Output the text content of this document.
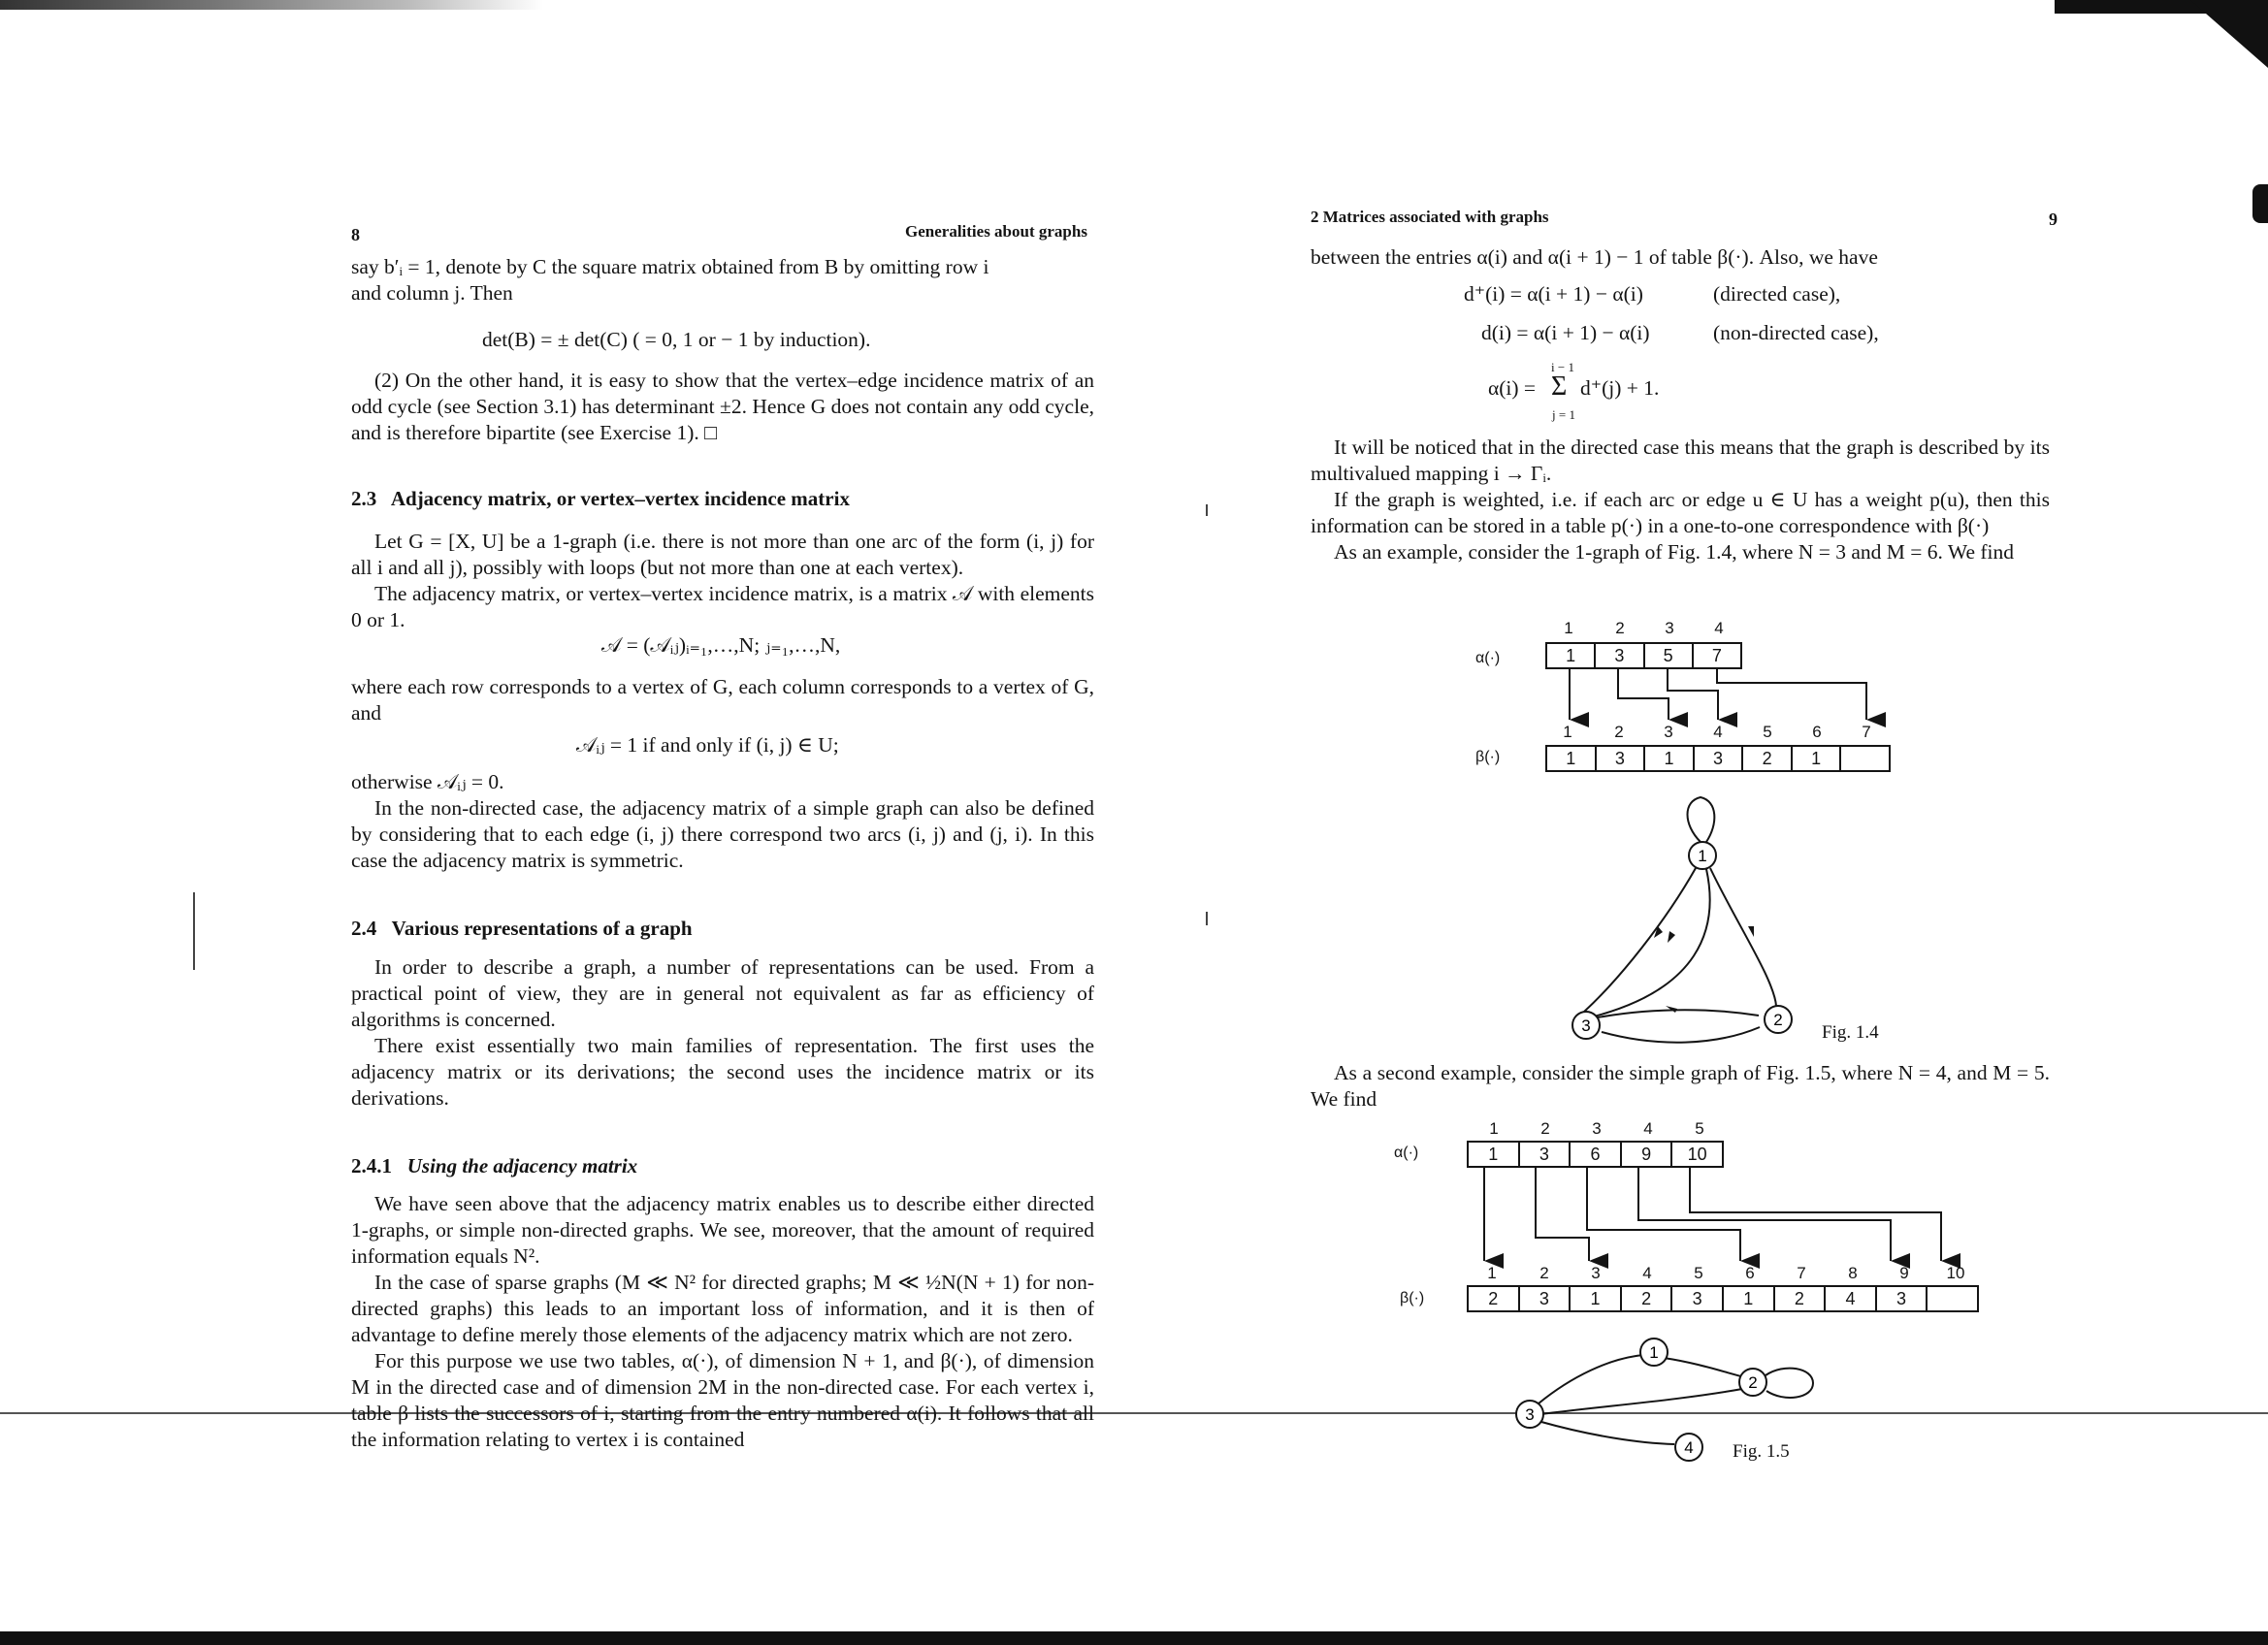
8	Generalities about graphs

say b′ᵢ = 1, denote by C the square matrix obtained from B by omitting row i

and column j. Then

det(B) = ± det(C) ( = 0, 1 or − 1 by induction).

(2) On the other hand, it is easy to show that the vertex–edge incidence matrix of an odd cycle (see Section 3.1) has determinant ±2. Hence G does not contain any odd cycle, and is therefore bipartite (see Exercise 1). □

2.3 Adjacency matrix, or vertex–vertex incidence matrix

Let G = [X, U] be a 1-graph (i.e. there is not more than one arc of the form (i, j) for all i and all j), possibly with loops (but not more than one at each vertex).

The adjacency matrix, or vertex–vertex incidence matrix, is a matrix 𝒜 with elements 0 or 1.

𝒜 = (𝒜ᵢⱼ)ᵢ₌₁,…,N; ⱼ₌₁,…,N,

where each row corresponds to a vertex of G, each column corresponds to a vertex of G, and

𝒜ᵢⱼ = 1 if and only if (i, j) ∈ U;

otherwise 𝒜ᵢⱼ = 0.

In the non-directed case, the adjacency matrix of a simple graph can also be defined by considering that to each edge (i, j) there correspond two arcs (i, j) and (j, i). In this case the adjacency matrix is symmetric.

2.4 Various representations of a graph

In order to describe a graph, a number of representations can be used. From a practical point of view, they are in general not equivalent as far as efficiency of algorithms is concerned.

There exist essentially two main families of representation. The first uses the adjacency matrix or its derivations; the second uses the incidence matrix or its derivations.

2.4.1 Using the adjacency matrix

We have seen above that the adjacency matrix enables us to describe either directed 1-graphs, or simple non-directed graphs. We see, moreover, that the amount of required information equals N².

In the case of sparse graphs (M ≪ N² for directed graphs; M ≪ ½N(N + 1) for non-directed graphs) this leads to an important loss of information, and it is then of advantage to define merely those elements of the adjacency matrix which are not zero.

For this purpose we use two tables, α(·), of dimension N + 1, and β(·), of dimension M in the directed case and of dimension 2M in the non-directed case. For each vertex i, table β lists the successors of i, starting from the entry numbered α(i). It follows that all the information relating to vertex i is contained

2 Matrices associated with graphs	9

between the entries α(i) and α(i + 1) − 1 of table β(·). Also, we have

d⁺(i) = α(i + 1) − α(i)	(directed case),
d(i) = α(i + 1) − α(i)	(non-directed case),
α(i) =
i − 1
Σ
j = 1
d⁺(j) + 1.

It will be noticed that in the directed case this means that the graph is described by its multivalued mapping i → Γᵢ.

If the graph is weighted, i.e. if each arc or edge u ∈ U has a weight p(u), then this information can be stored in a table p(·) in a one-to-one correspondence with β(·)

As an example, consider the 1-graph of Fig. 1.4, where N = 3 and M = 6. We find

α(·)
β(·)
1	2	3	4
1	3	5	7
1	2	3	4	5	6	7
1	3	1	3	2	1
1
2
3	Fig. 1.4

As a second example, consider the simple graph of Fig. 1.5, where N = 4, and M = 5. We find

α(·)
β(·)
1	2	3	4	5
1	3	6	9	10
1	2	3	4	5	6	7	8	9	10
2	3	1	2	3	1	2	4	3
1
2
3
4 Fig. 1.5
